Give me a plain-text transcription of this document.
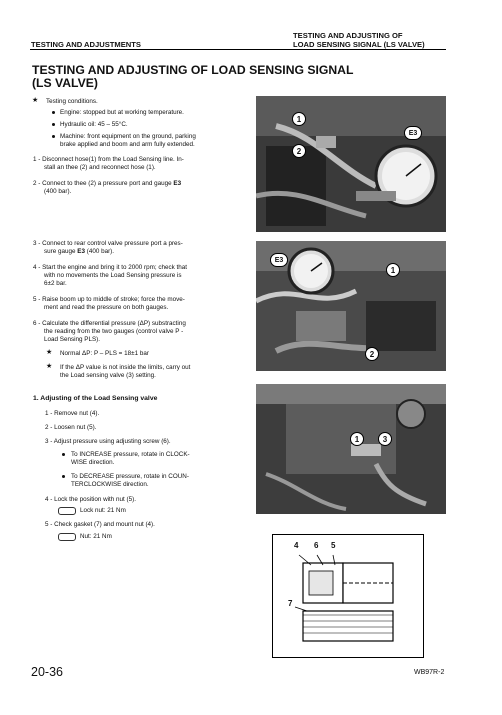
TESTING AND ADJUSTMENTS
TESTING AND ADJUSTING OF
LOAD SENSING SIGNAL (LS VALVE)
TESTING AND ADJUSTING OF LOAD SENSING SIGNAL
(LS VALVE)
★ Testing conditions.
Engine: stopped but at working temperature.
Hydraulic oil: 45 – 55°C.
Machine: front equipment on the ground, parking
brake applied and boom and arm fully extended.
1 - Disconnect hose(1) from the Load Sensing line. In-
stall an thee (2) and reconnect hose (1).
2 - Connect to thee (2) a pressure port and gauge E3
(400 bar).
1
2
E3
3 - Connect to rear control valve pressure port a pres-
sure gauge E3 (400 bar).
4 - Start the engine and bring it to 2000 rpm; check that
with no movements the Load Sensing pressure is
6±2 bar.
5 - Raise boom up to middle of stroke; force the move-
ment and read the pressure on both gauges.
6 - Calculate the differential pressure (ΔP) substracting
the reading from the two gauges (control valve P -
Load Sensing PLS).
★ Normal ΔP: P – PLS = 18±1 bar
★ If the ΔP value is not inside the limits, carry out
the Load sensing valve (3) setting.
E3
1
2
1. Adjusting of the Load Sensing valve
1 - Remove nut (4).
2 - Loosen nut (5).
3 - Adjust pressure using adjusting screw (6).
To INCREASE pressure, rotate in CLOCK-
WISE direction.
To DECREASE pressure, rotate in COUN-
TERCLOCKWISE direction.
4 - Lock the position with nut (5).
Lock nut: 21 Nm
5 - Check gasket (7) and mount nut (4).
Nut: 21 Nm
1	3
4 6 5
7
20-36	WB97R-2
